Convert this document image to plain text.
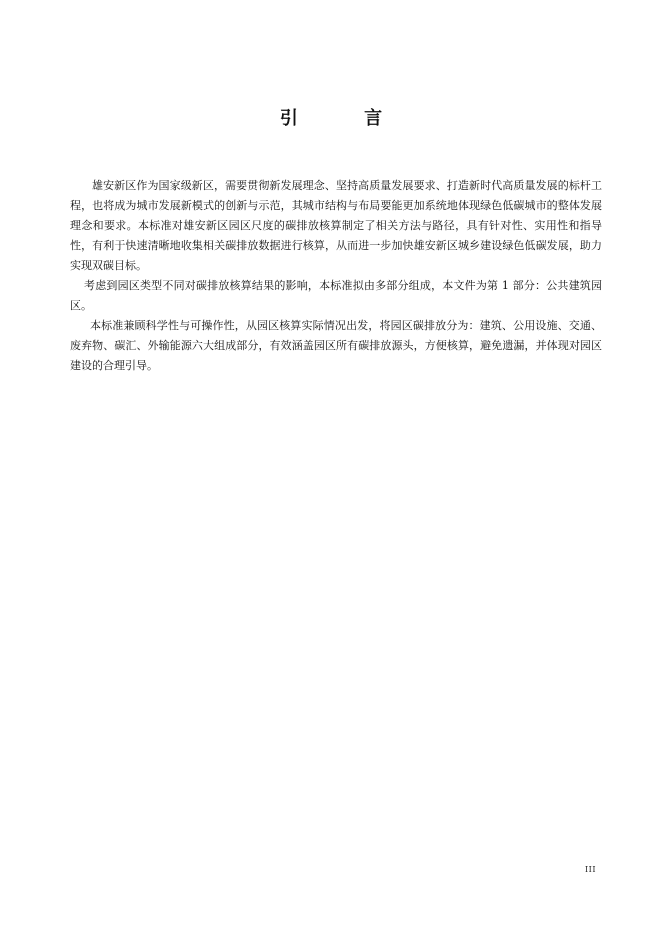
引 言

雄安新区作为国家级新区，需要贯彻新发展理念、坚持高质量发展要求、打造新时代高质量发展的标杆工程，也将成为城市发展新模式的创新与示范，其城市结构与布局要能更加系统地体现绿色低碳城市的整体发展理念和要求。本标准对雄安新区园区尺度的碳排放核算制定了相关方法与路径，具有针对性、实用性和指导性，有利于快速清晰地收集相关碳排放数据进行核算，从而进一步加快雄安新区城乡建设绿色低碳发展，助力实现双碳目标。

考虑到园区类型不同对碳排放核算结果的影响，本标准拟由多部分组成，本文件为第 1 部分：公共建筑园区。

本标准兼顾科学性与可操作性，从园区核算实际情况出发，将园区碳排放分为：建筑、公用设施、交通、废弃物、碳汇、外输能源六大组成部分，有效涵盖园区所有碳排放源头，方便核算，避免遗漏，并体现对园区建设的合理引导。

III
